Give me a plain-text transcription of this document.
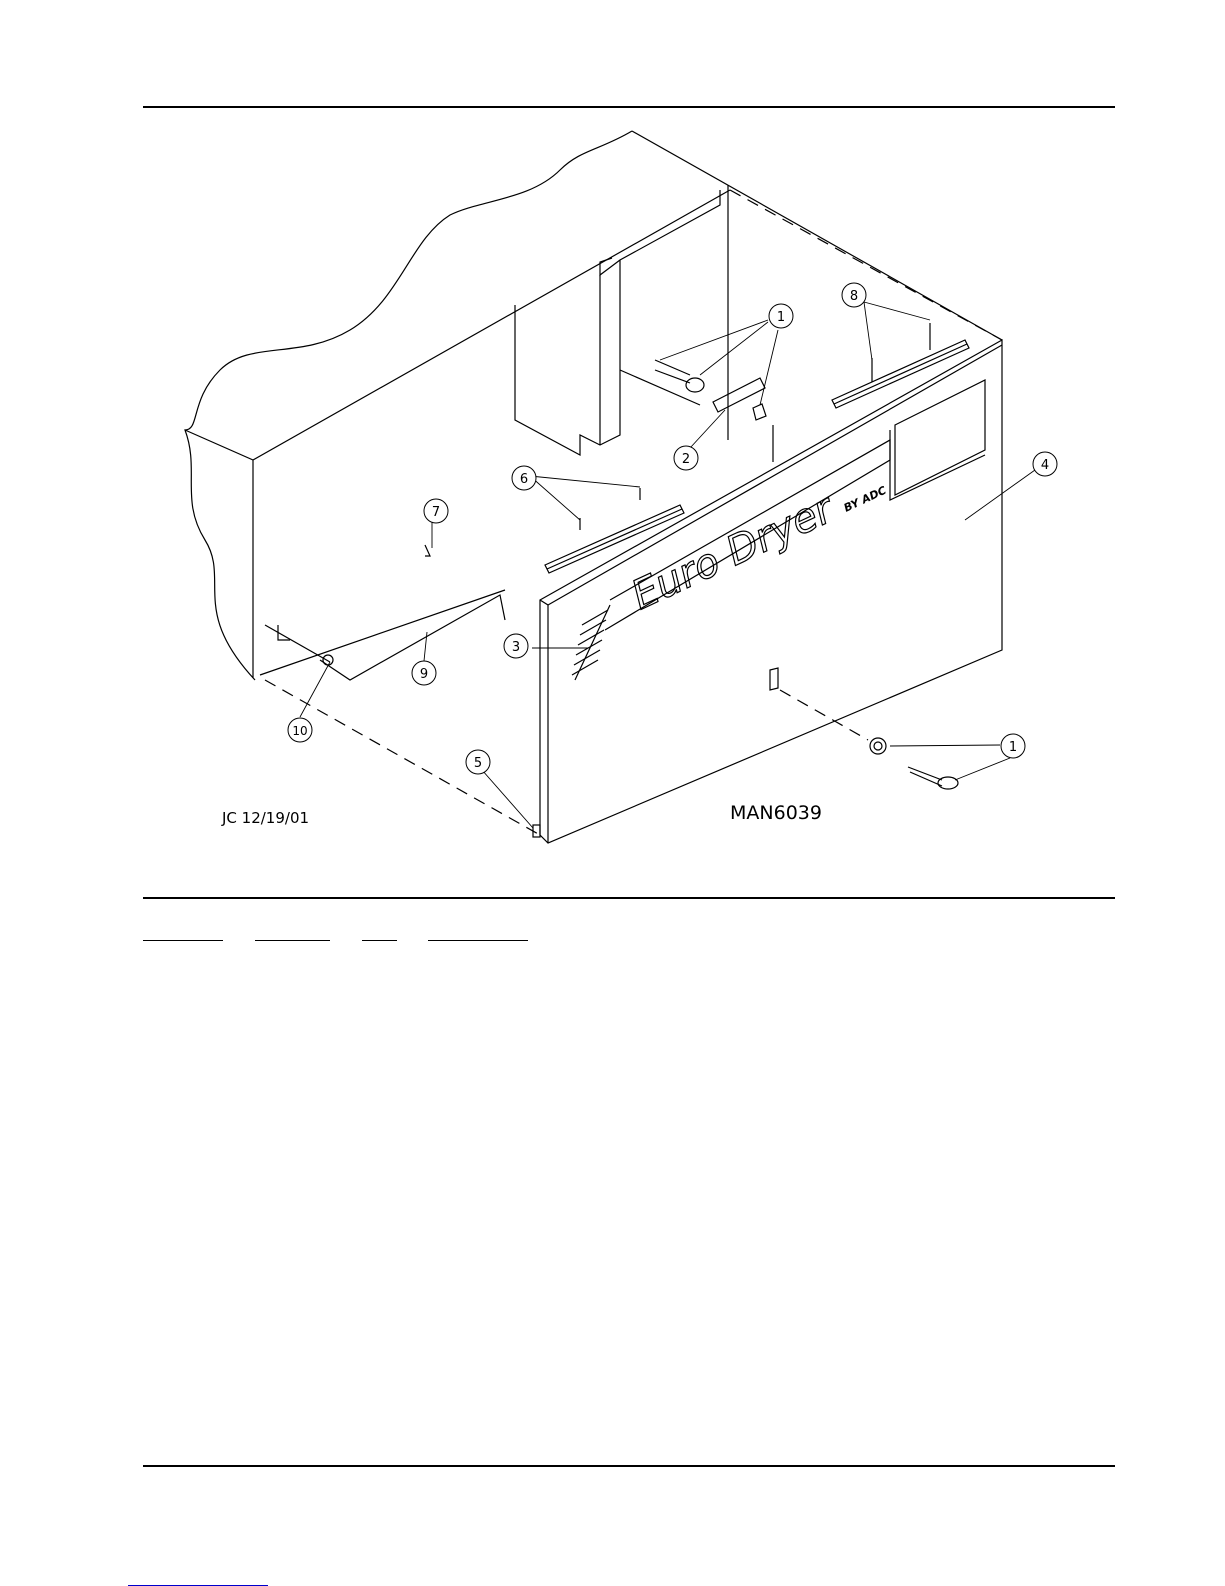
Euro Dryer BY ADC
1
1
2
3
4
5
6
7
8
9
10
JC 12/19/01	MAN6039
